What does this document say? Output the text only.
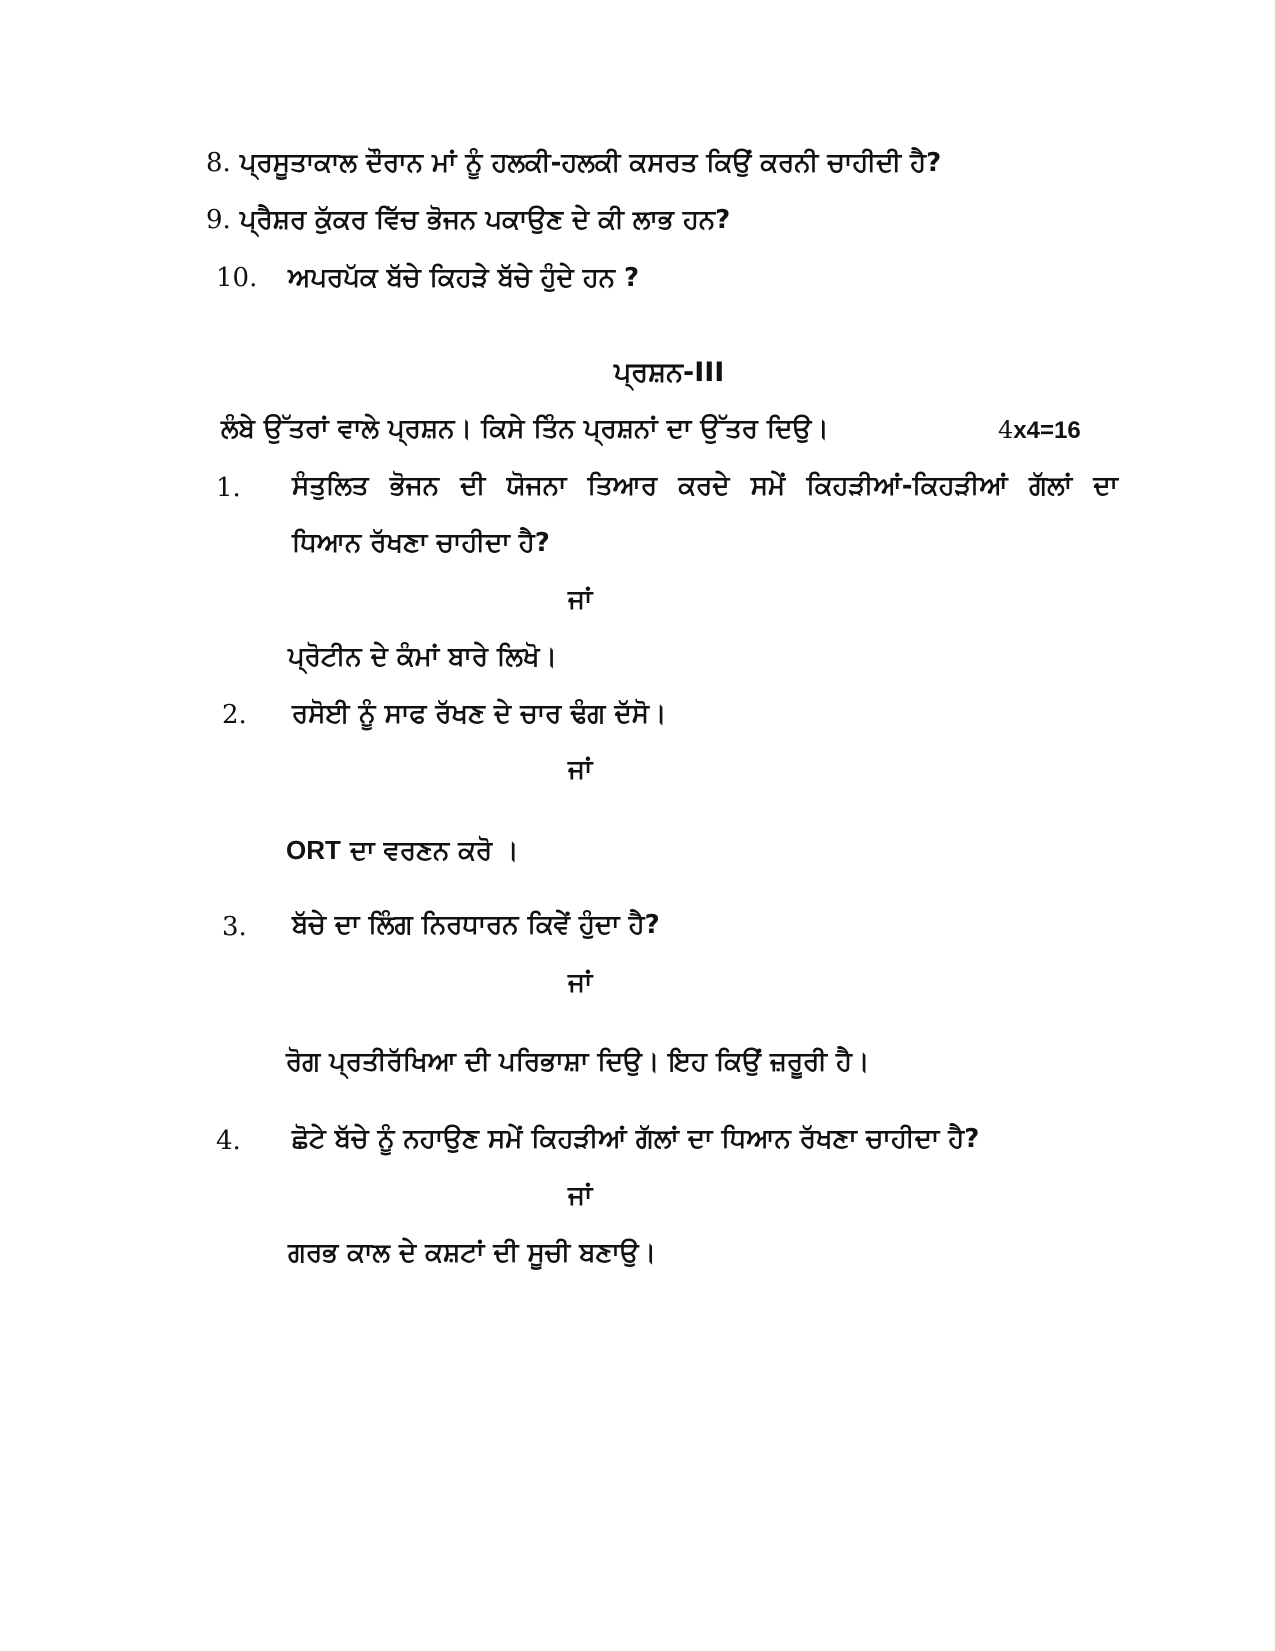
8. ਪ੍ਰਸੂਤਾਕਾਲ ਦੌਰਾਨ ਮਾਂ ਨੂੰ ਹਲਕੀ-ਹਲਕੀ ਕਸਰਤ ਕਿਉਂ ਕਰਨੀ ਚਾਹੀਦੀ ਹੈ?
9. ਪ੍ਰੈਸ਼ਰ ਕੁੱਕਰ ਵਿੱਚ ਭੋਜਨ ਪਕਾਉਣ ਦੇ ਕੀ ਲਾਭ ਹਨ?
10. ਅਪਰਪੱਕ ਬੱਚੇ ਕਿਹੜੇ ਬੱਚੇ ਹੁੰਦੇ ਹਨ ?
ਪ੍ਰਸ਼ਨ-III
ਲੰਬੇ ਉੱਤਰਾਂ ਵਾਲੇ ਪ੍ਰਸ਼ਨ। ਕਿਸੇ ਤਿੰਨ ਪ੍ਰਸ਼ਨਾਂ ਦਾ ਉੱਤਰ ਦਿਉ।	4x4=16
1. ਸੰਤੁਲਿਤ ਭੋਜਨ ਦੀ ਯੋਜਨਾ ਤਿਆਰ ਕਰਦੇ ਸਮੇਂ ਕਿਹੜੀਆਂ-ਕਿਹੜੀਆਂ ਗੱਲਾਂ ਦਾ
ਧਿਆਨ ਰੱਖਣਾ ਚਾਹੀਦਾ ਹੈ?
ਜਾਂ
ਪ੍ਰੋਟੀਨ ਦੇ ਕੰਮਾਂ ਬਾਰੇ ਲਿਖੋ।
2. ਰਸੋਈ ਨੂੰ ਸਾਫ ਰੱਖਣ ਦੇ ਚਾਰ ਢੰਗ ਦੱਸੋ।
ਜਾਂ
ORT ਦਾ ਵਰਣਨ ਕਰੋ ।
3. ਬੱਚੇ ਦਾ ਲਿੰਗ ਨਿਰਧਾਰਨ ਕਿਵੇਂ ਹੁੰਦਾ ਹੈ?
ਜਾਂ
ਰੋਗ ਪ੍ਰਤੀਰੱਖਿਆ ਦੀ ਪਰਿਭਾਸ਼ਾ ਦਿਉ। ਇਹ ਕਿਉਂ ਜ਼ਰੂਰੀ ਹੈ।
4. ਛੋਟੇ ਬੱਚੇ ਨੂੰ ਨਹਾਉਣ ਸਮੇਂ ਕਿਹੜੀਆਂ ਗੱਲਾਂ ਦਾ ਧਿਆਨ ਰੱਖਣਾ ਚਾਹੀਦਾ ਹੈ?
ਜਾਂ
ਗਰਭ ਕਾਲ ਦੇ ਕਸ਼ਟਾਂ ਦੀ ਸੂਚੀ ਬਣਾਉ।
